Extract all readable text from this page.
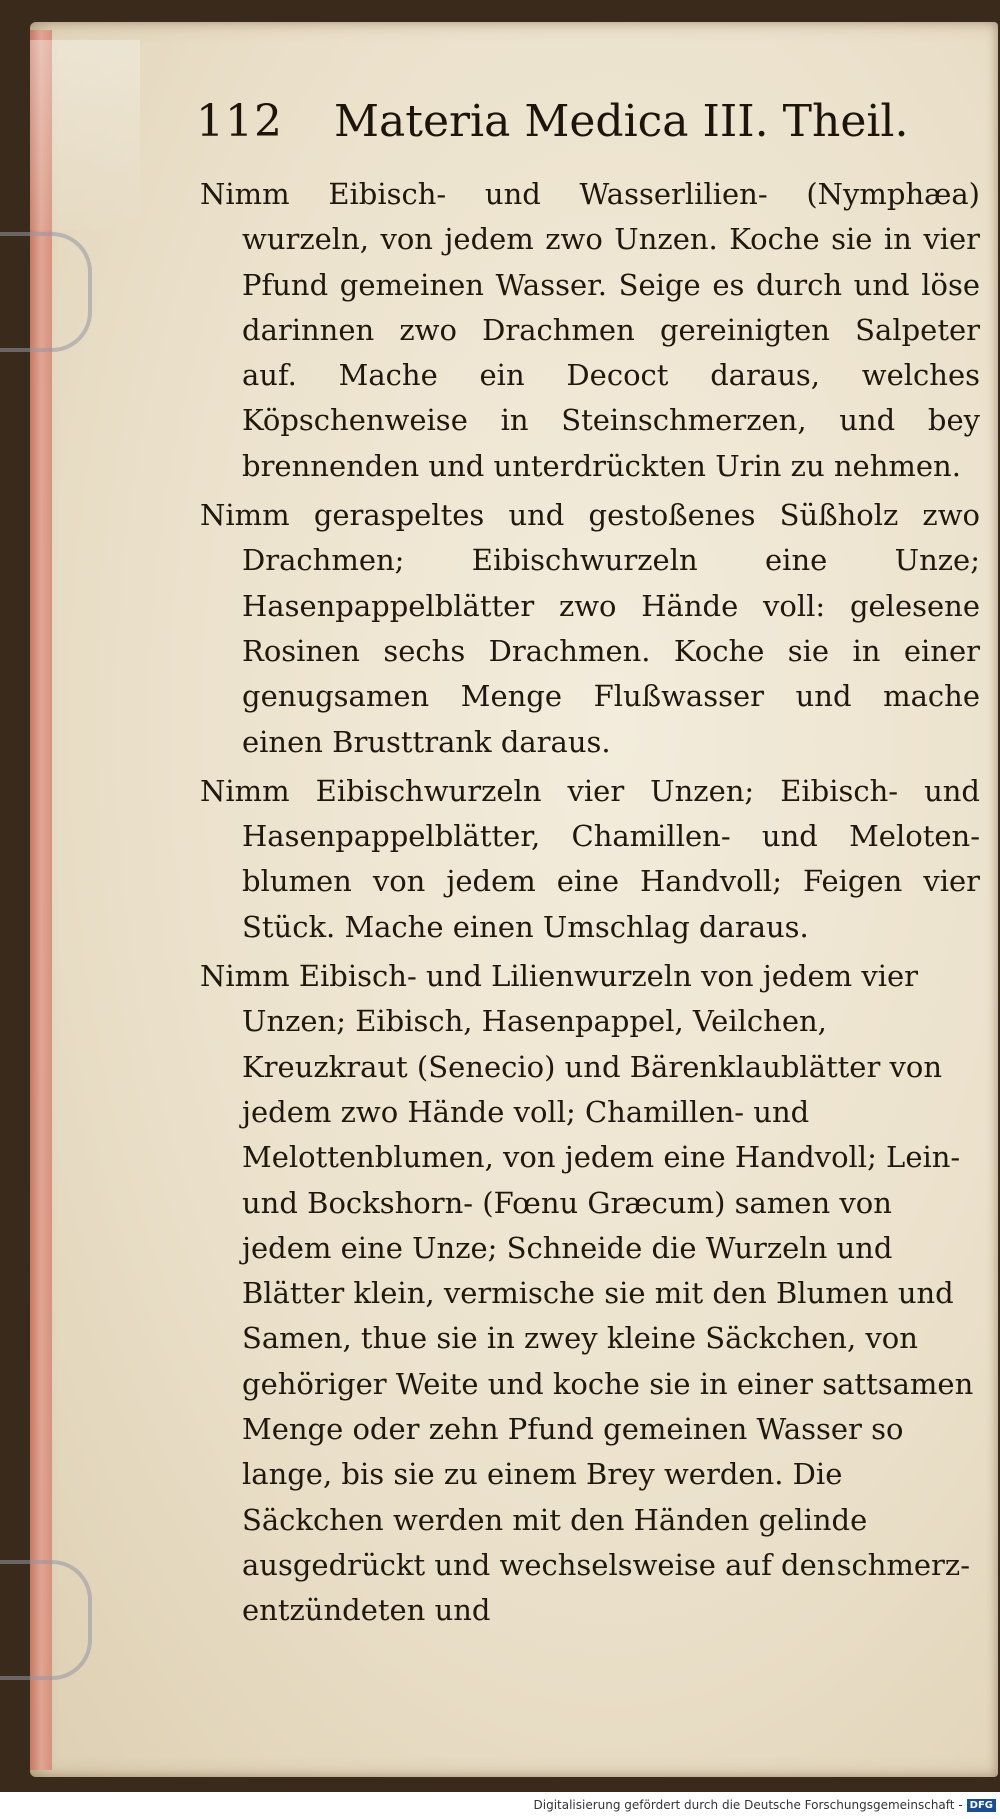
112 Materia Medica III. Theil.

Nimm Eibisch- und Wasserlilien- (Nymphæa) wurzeln, von jedem zwo Unzen. Koche sie in vier Pfund gemeinen Wasser. Seige es durch und löse darinnen zwo Drachmen gereinigten Salpeter auf. Mache ein Decoct daraus, welches Köpschenweise in Steinschmerzen, und bey brennenden und unterdrückten Urin zu nehmen.

Nimm geraspeltes und gestoßenes Süßholz zwo Drachmen; Eibischwurzeln eine Unze; Hasenpappelblätter zwo Hände voll: gelesene Rosinen sechs Drachmen. Koche sie in einer genugsamen Menge Flußwasser und mache einen Brusttrank daraus.

Nimm Eibischwurzeln vier Unzen; Eibisch- und Hasenpappelblätter, Chamillen- und Meloten-blumen von jedem eine Handvoll; Feigen vier Stück. Mache einen Umschlag daraus.

Nimm Eibisch- und Lilienwurzeln von jedem vier Unzen; Eibisch, Hasenpappel, Veilchen, Kreuzkraut (Senecio) und Bärenklaublätter von jedem zwo Hände voll; Chamillen- und Melottenblumen, von jedem eine Handvoll; Lein- und Bockshorn- (Fœnu Græcum) samen von jedem eine Unze; Schneide die Wurzeln und Blätter klein, vermische sie mit den Blumen und Samen, thue sie in zwey kleine Säckchen, von gehöriger Weite und koche sie in einer sattsamen Menge oder zehn Pfund gemeinen Wasser so lange, bis sie zu einem Brey werden. Die Säckchen werden mit den Händen gelinde ausgedrückt und wechselsweise auf den entzündeten und

schmerz-
Digitalisierung gefördert durch die Deutsche Forschungsgemeinschaft - DFG
